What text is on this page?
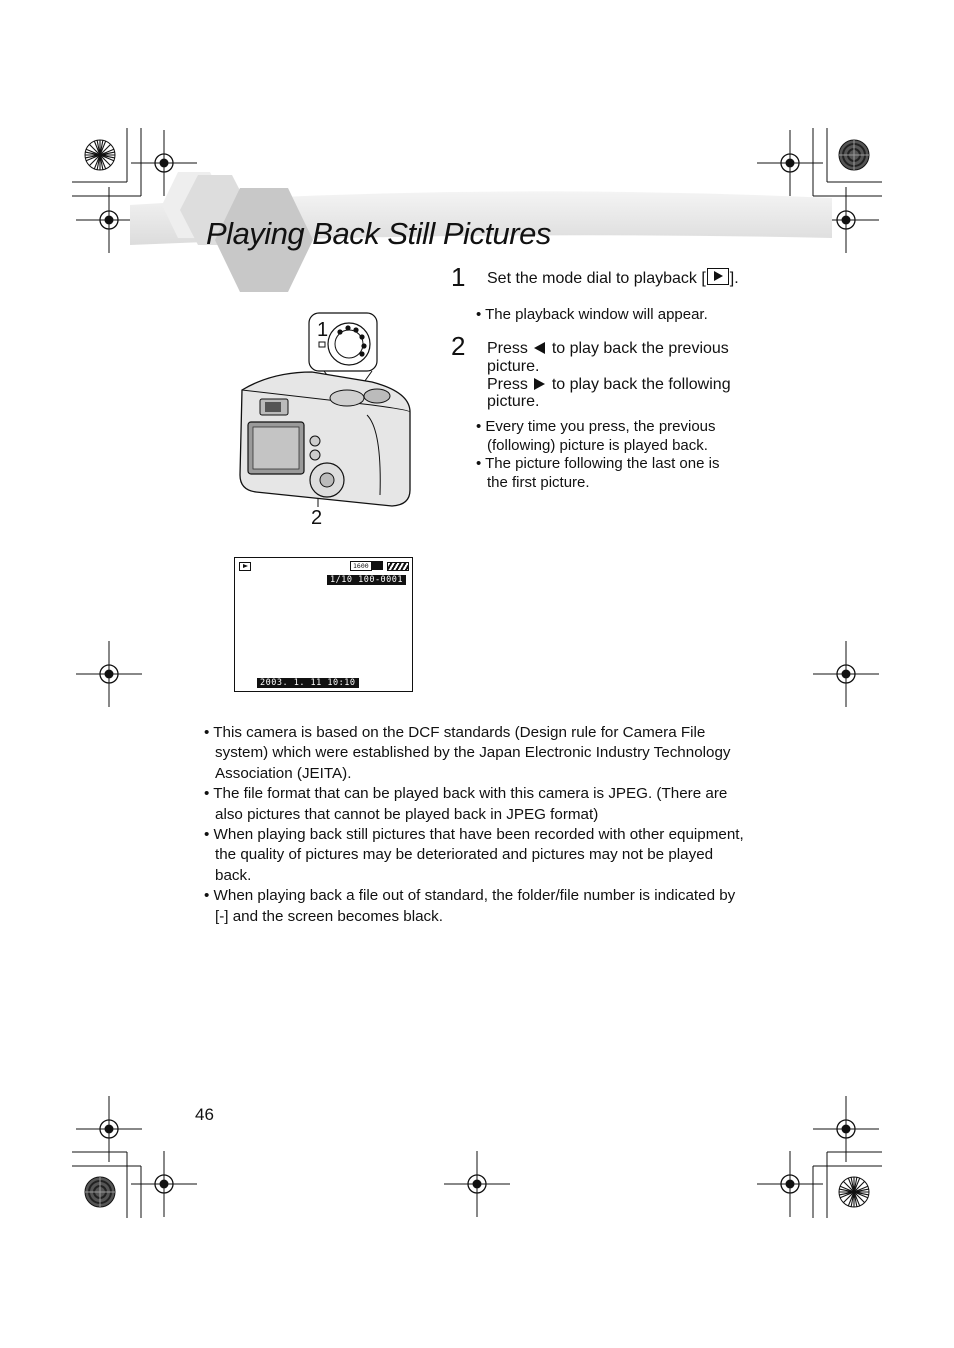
Playing Back Still Pictures
1 Set the mode dial to playback [ ].

• The playback window will appear.

2 Press to play back the previous picture.
Press to play back the following picture.

• Every time you press, the previous (following) picture is played back.

• The picture following the last one is the first picture.

1
2
1600
1/10 100-0001
2003. 1. 11 10:10

• This camera is based on the DCF standards (Design rule for Camera File system) which were established by the Japan Electronic Industry Technology Association (JEITA).

• The file format that can be played back with this camera is JPEG. (There are also pictures that cannot be played back in JPEG format)

• When playing back still pictures that have been recorded with other equipment, the quality of pictures may be deteriorated and pictures may not be played back.

• When playing back a file out of standard, the folder/file number is indicated by [-] and the screen becomes black.

46
